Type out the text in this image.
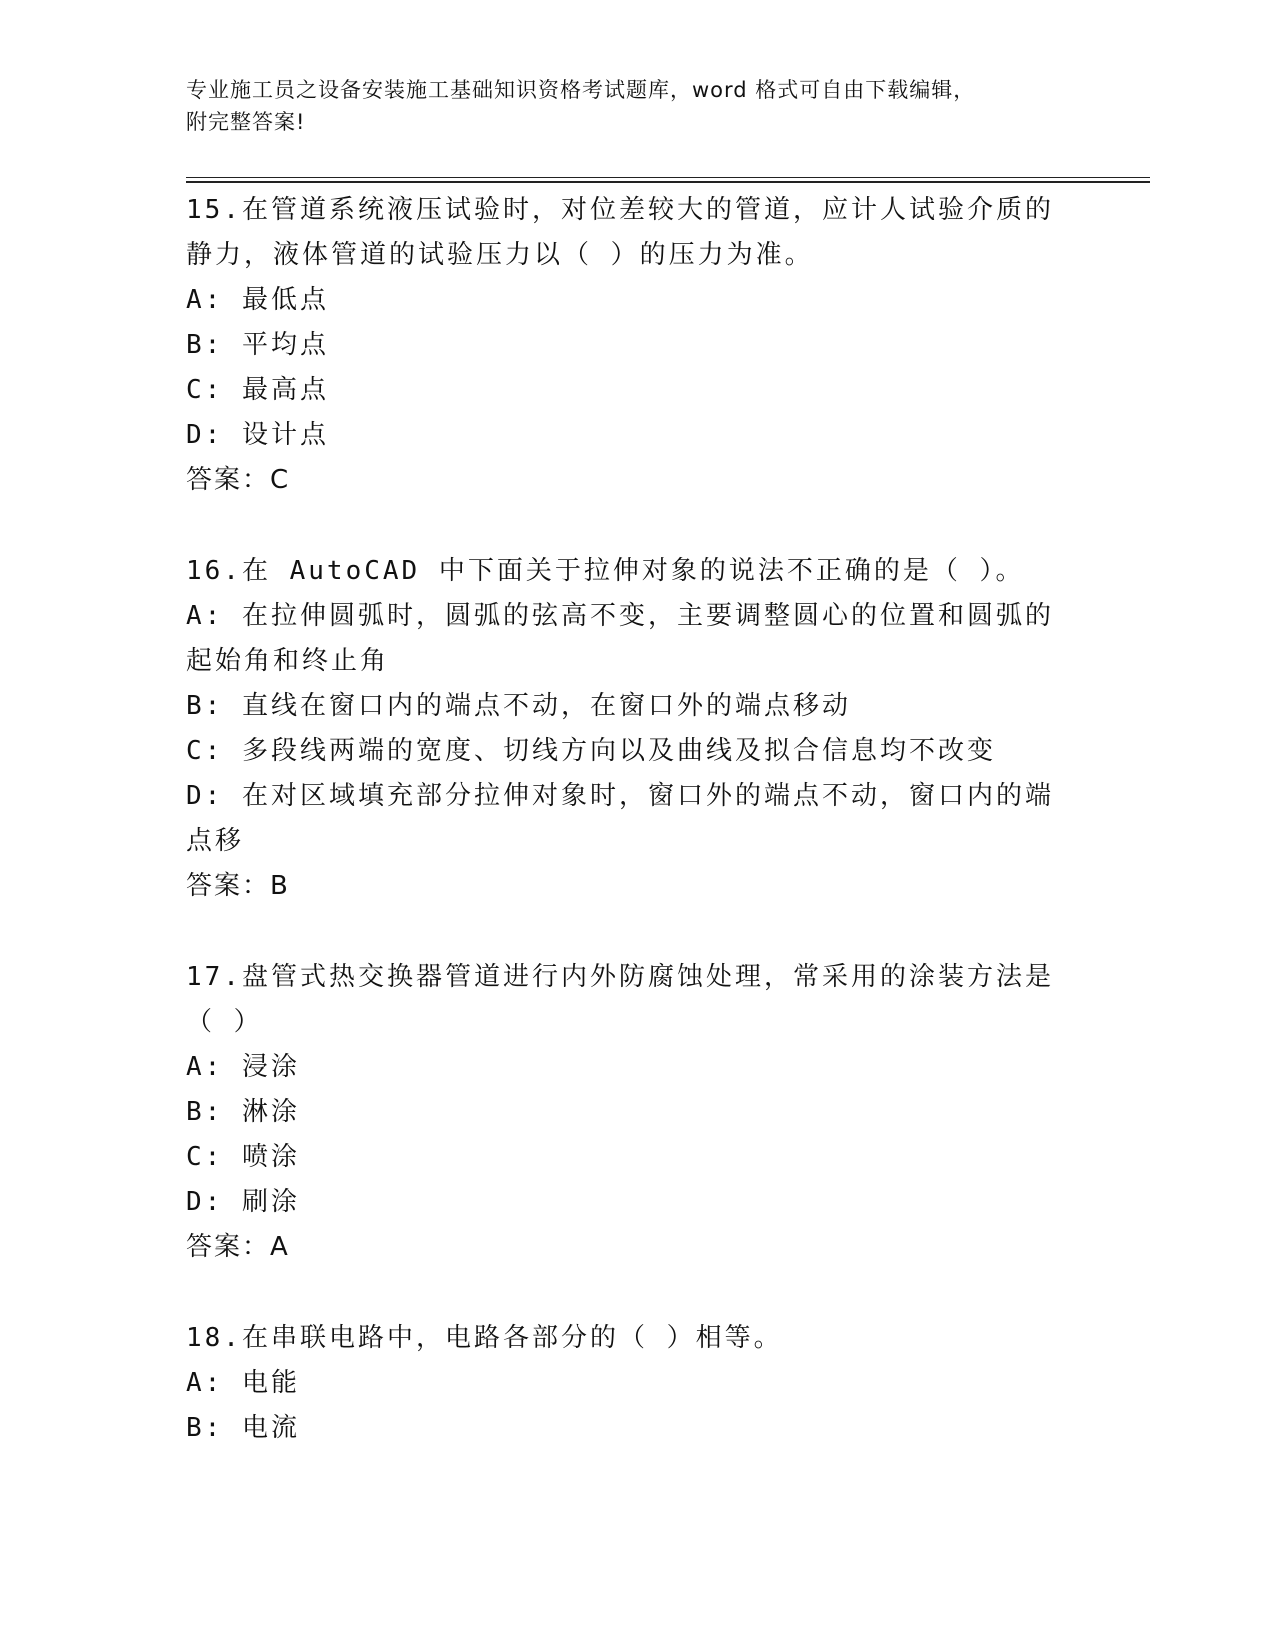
专业施工员之设备安装施工基础知识资格考试题库，word 格式可自由下载编辑，
附完整答案!

15.在管道系统液压试验时，对位差较大的管道，应计人试验介质的静力，液体管道的试验压力以（ ）的压力为准。

A: 最低点

B: 平均点

C: 最高点

D: 设计点

答案：C

16.在 AutoCAD 中下面关于拉伸对象的说法不正确的是（ ）。

A: 在拉伸圆弧时，圆弧的弦高不变，主要调整圆心的位置和圆弧的起始角和终止角

B: 直线在窗口内的端点不动，在窗口外的端点移动

C: 多段线两端的宽度、切线方向以及曲线及拟合信息均不改变

D: 在对区域填充部分拉伸对象时，窗口外的端点不动，窗口内的端点移

答案：B

17.盘管式热交换器管道进行内外防腐蚀处理，常采用的涂装方法是（ ）

A: 浸涂

B: 淋涂

C: 喷涂

D: 刷涂

答案：A

18.在串联电路中，电路各部分的（ ）相等。

A: 电能

B: 电流
